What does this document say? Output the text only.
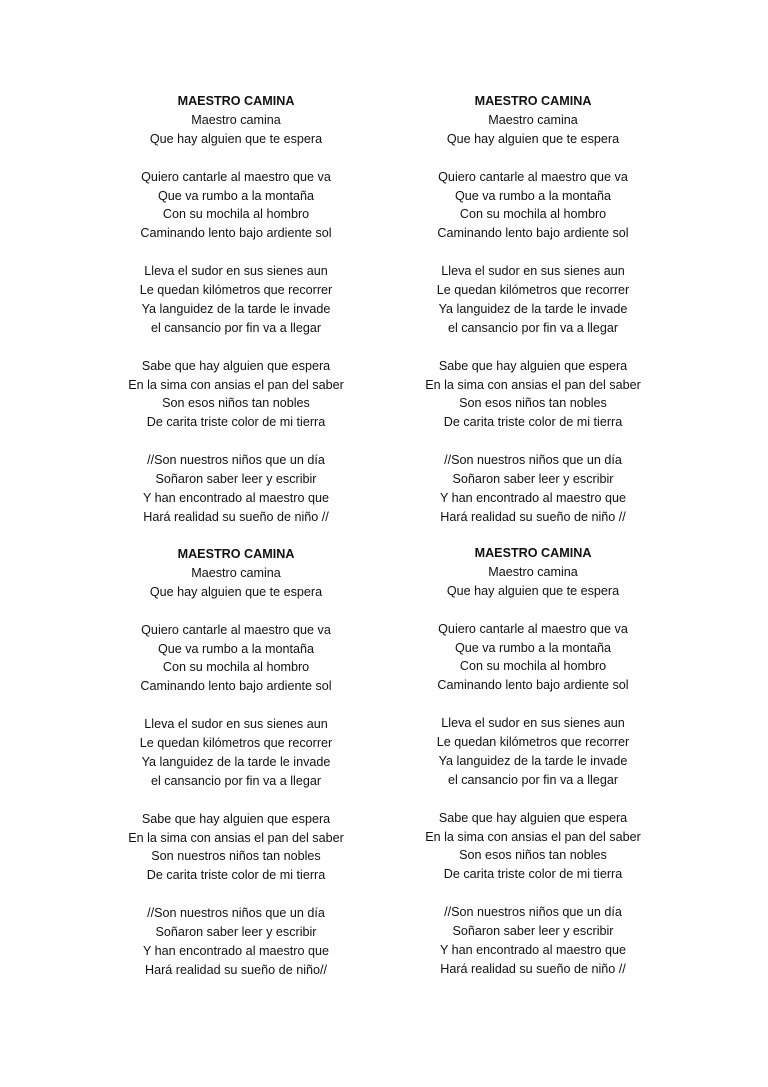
MAESTRO CAMINA
Maestro camina
Que hay alguien que te espera
Quiero cantarle al maestro que va
Que va rumbo a la montaña
Con su mochila al hombro
Caminando lento bajo ardiente sol
Lleva el sudor en sus sienes aun
Le quedan kilómetros que recorrer
Ya languidez de la tarde le invade
el cansancio por fin va a llegar
Sabe que hay alguien que espera
En la sima con ansias el pan del saber
Son esos niños tan nobles
De carita triste color de mi tierra
//Son nuestros niños que un día
Soñaron saber leer y escribir
Y han encontrado al maestro que
Hará realidad su sueño de niño //
MAESTRO CAMINA
Maestro camina
Que hay alguien que te espera
Quiero cantarle al maestro que va
Que va rumbo a la montaña
Con su mochila al hombro
Caminando lento bajo ardiente sol
Lleva el sudor en sus sienes aun
Le quedan kilómetros que recorrer
Ya languidez de la tarde le invade
el cansancio por fin va a llegar
Sabe que hay alguien que espera
En la sima con ansias el pan del saber
Son esos niños tan nobles
De carita triste color de mi tierra
//Son nuestros niños que un día
Soñaron saber leer y escribir
Y han encontrado al maestro que
Hará realidad su sueño de niño //
MAESTRO CAMINA
Maestro camina
Que hay alguien que te espera
Quiero cantarle al maestro que va
Que va rumbo a la montaña
Con su mochila al hombro
Caminando lento bajo ardiente sol
Lleva el sudor en sus sienes aun
Le quedan kilómetros que recorrer
Ya languidez de la tarde le invade
el cansancio por fin va a llegar
Sabe que hay alguien que espera
En la sima con ansias el pan del saber
Son nuestros niños tan nobles
De carita triste color de mi tierra
//Son nuestros niños que un día
Soñaron saber leer y escribir
Y han encontrado al maestro que
Hará realidad su sueño de niño//
MAESTRO CAMINA
Maestro camina
Que hay alguien que te espera
Quiero cantarle al maestro que va
Que va rumbo a la montaña
Con su mochila al hombro
Caminando lento bajo ardiente sol
Lleva el sudor en sus sienes aun
Le quedan kilómetros que recorrer
Ya languidez de la tarde le invade
el cansancio por fin va a llegar
Sabe que hay alguien que espera
En la sima con ansias el pan del saber
Son esos niños tan nobles
De carita triste color de mi tierra
//Son nuestros niños que un día
Soñaron saber leer y escribir
Y han encontrado al maestro que
Hará realidad su sueño de niño //
